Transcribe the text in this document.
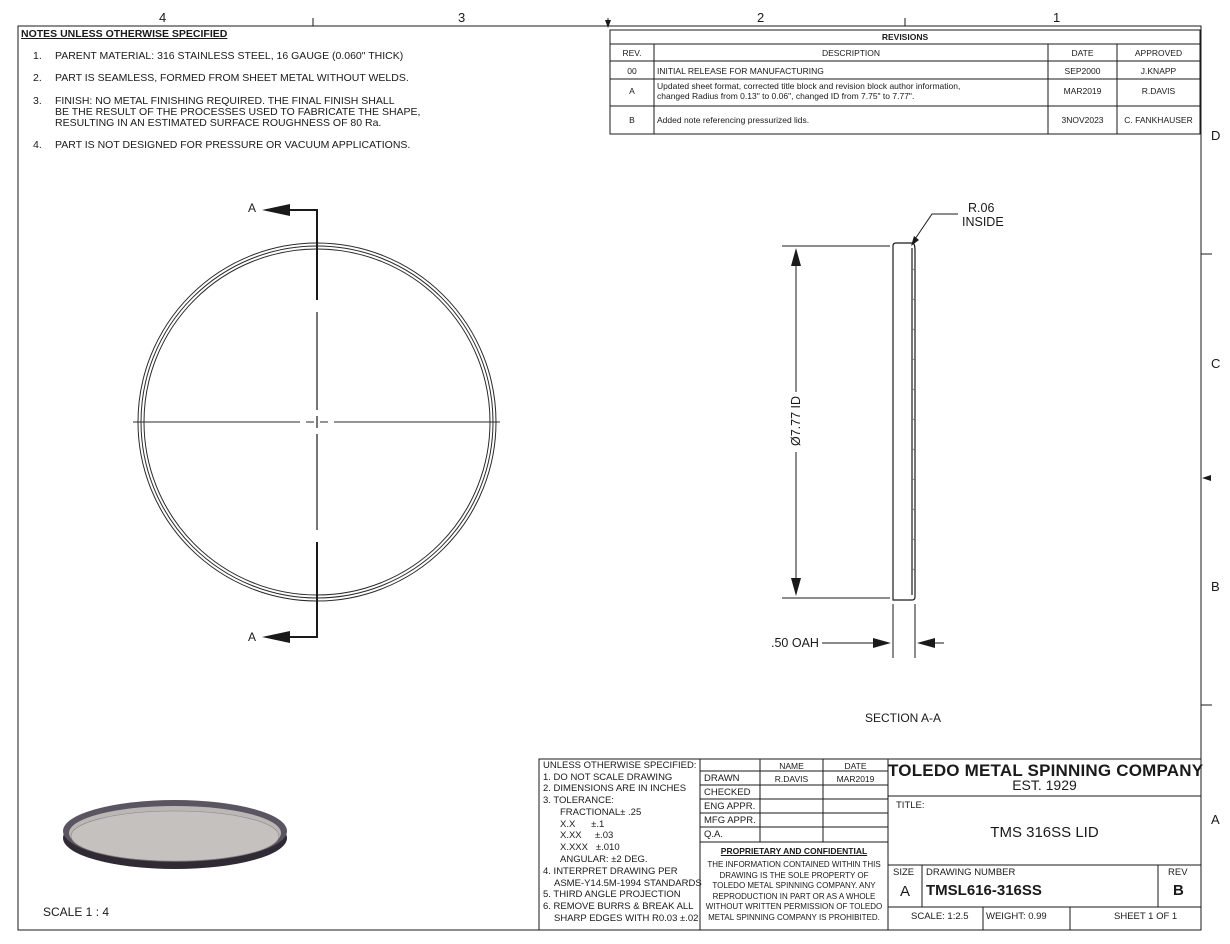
4	3	2	1
D
C
B
A
NOTES UNLESS OTHERWISE SPECIFIED
1. PARENT MATERIAL: 316 STAINLESS STEEL, 16 GAUGE (0.060" THICK)
2. PART IS SEAMLESS, FORMED FROM SHEET METAL WITHOUT WELDS.
3. FINISH: NO METAL FINISHING REQUIRED. THE FINAL FINISH SHALL
BE THE RESULT OF THE PROCESSES USED TO FABRICATE THE SHAPE,
RESULTING IN AN ESTIMATED SURFACE ROUGHNESS OF 80 Ra.
4. PART IS NOT DESIGNED FOR PRESSURE OR VACUUM APPLICATIONS.
REVISIONS
REV.	DESCRIPTION	DATE	APPROVED
00	INITIAL RELEASE FOR MANUFACTURING	SEP2000	J.KNAPP
A	Updated sheet format, corrected title block and revision block author information,
changed Radius from 0.13" to 0.06", changed ID from 7.75" to 7.77".	MAR2019	R.DAVIS
B	Added note referencing pressurized lids.	3NOV2023	C. FANKHAUSER
A
A
R.06
INSIDE
Ø7.77 ID
.50 OAH
SECTION A-A
SCALE 1 : 4
UNLESS OTHERWISE SPECIFIED:
1. DO NOT SCALE DRAWING
2. DIMENSIONS ARE IN INCHES
3. TOLERANCE:
FRACTIONAL± .25
X.X      ±.1
X.XX     ±.03
X.XXX   ±.010
ANGULAR: ±2 DEG.
4. INTERPRET DRAWING PER
ASME-Y14.5M-1994 STANDARDS
5. THIRD ANGLE PROJECTION
6. REMOVE BURRS & BREAK ALL
SHARP EDGES WITH R0.03 ±.02
NAME	DATE
DRAWN	R.DAVIS	MAR2019
CHECKED
ENG APPR.
MFG APPR.
Q.A.
PROPRIETARY AND CONFIDENTIAL
THE INFORMATION CONTAINED WITHIN THIS
DRAWING IS THE SOLE PROPERTY OF
TOLEDO METAL SPINNING COMPANY. ANY
REPRODUCTION IN PART OR AS A WHOLE
WITHOUT WRITTEN PERMISSION OF TOLEDO
METAL SPINNING COMPANY IS PROHIBITED.
TOLEDO METAL SPINNING COMPANY
EST. 1929
TITLE:
TMS 316SS LID
SIZE
A
DRAWING NUMBER
TMSL616-316SS
REV
B
SCALE: 1:2.5 WEIGHT: 0.99	SHEET 1 OF 1
